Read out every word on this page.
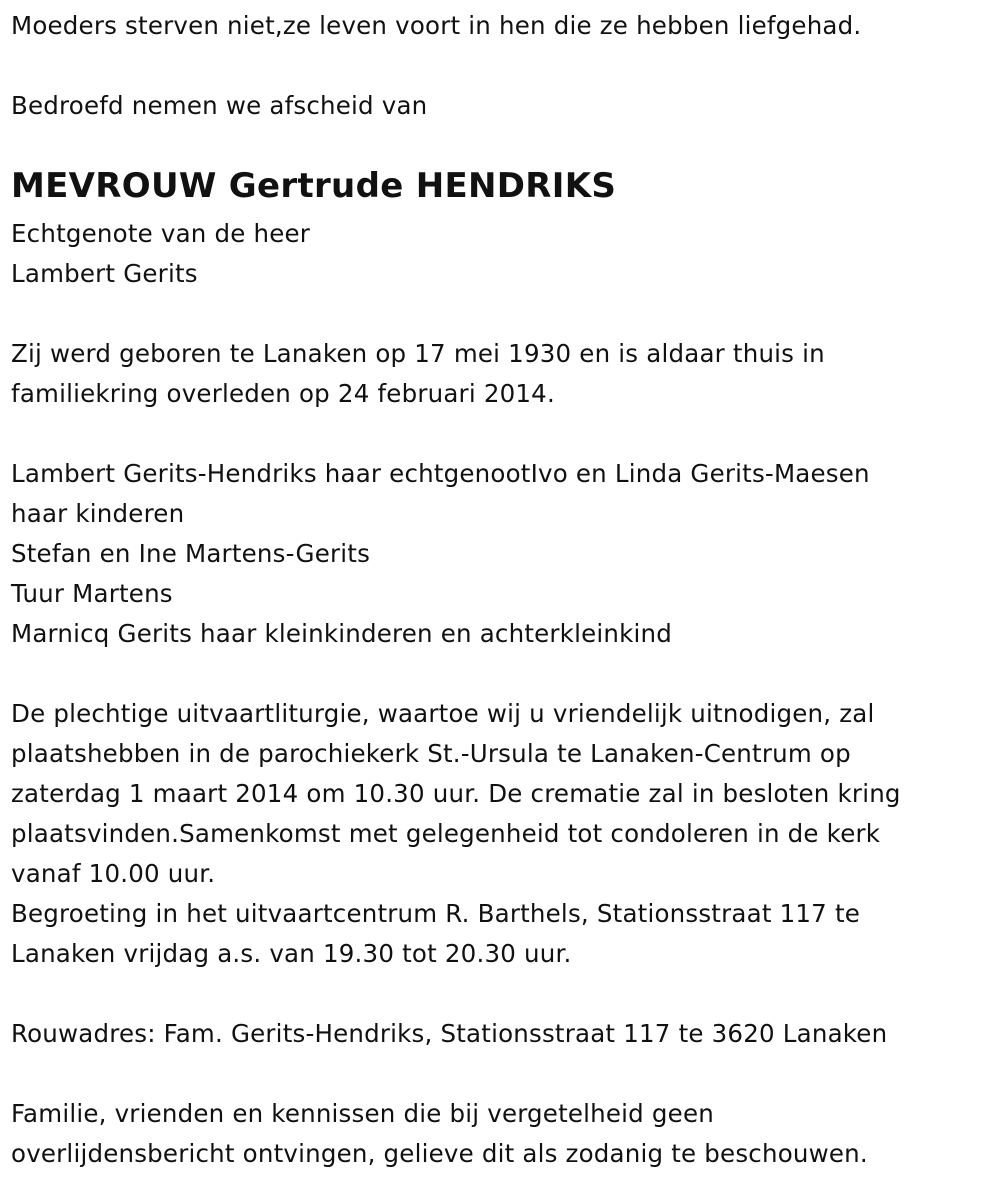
Moeders sterven niet,ze leven voort in hen die ze hebben liefgehad.
Bedroefd nemen we afscheid van
MEVROUW Gertrude HENDRIKS
Echtgenote van de heer
Lambert Gerits
Zij werd geboren te Lanaken op 17 mei 1930 en is aldaar thuis in
familiekring overleden op 24 februari 2014.
Lambert Gerits-Hendriks haar echtgenootIvo en Linda Gerits-Maesen
haar kinderen
Stefan en Ine Martens-Gerits
Tuur Martens
Marnicq Gerits haar kleinkinderen en achterkleinkind
De plechtige uitvaartliturgie, waartoe wij u vriendelijk uitnodigen, zal
plaatshebben in de parochiekerk St.-Ursula te Lanaken-Centrum op
zaterdag 1 maart 2014 om 10.30 uur. De crematie zal in besloten kring
plaatsvinden.Samenkomst met gelegenheid tot condoleren in de kerk
vanaf 10.00 uur.
Begroeting in het uitvaartcentrum R. Barthels, Stationsstraat 117 te
Lanaken vrijdag a.s. van 19.30 tot 20.30 uur.
Rouwadres: Fam. Gerits-Hendriks, Stationsstraat 117 te 3620 Lanaken
Familie, vrienden en kennissen die bij vergetelheid geen
overlijdensbericht ontvingen, gelieve dit als zodanig te beschouwen.
